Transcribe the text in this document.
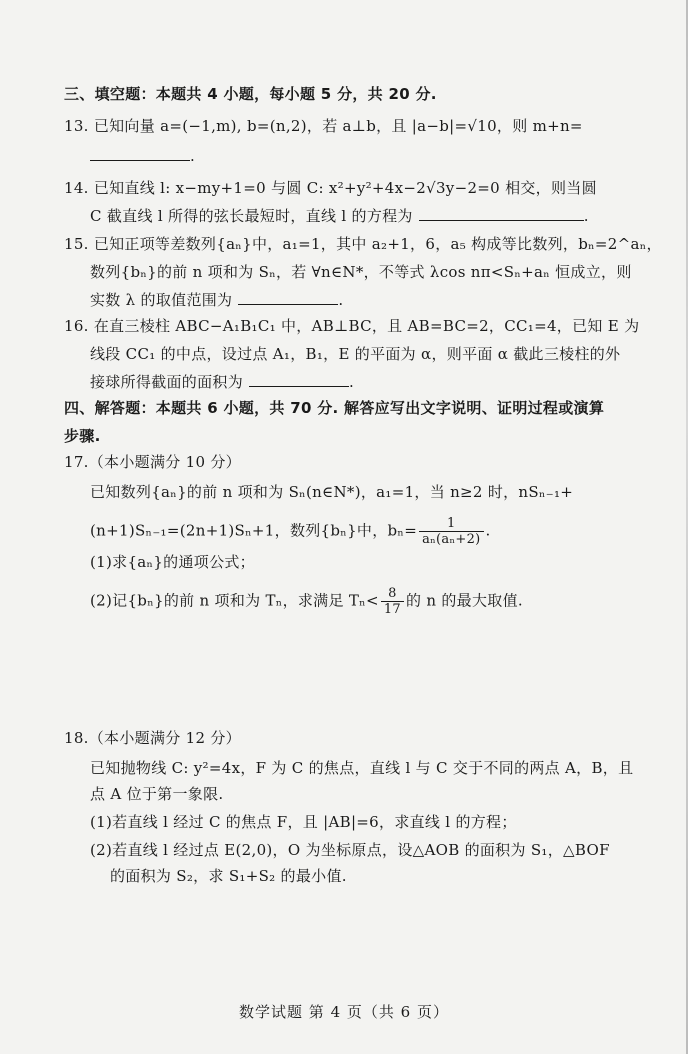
三、填空题：本题共 4 小题，每小题 5 分，共 20 分.
13. 已知向量 a=(−1,m), b=(n,2)，若 a⊥b，且 |a−b|=√10，则 m+n=
.
14. 已知直线 l: x−my+1=0 与圆 C: x²+y²+4x−2√3y−2=0 相交，则当圆
C 截直线 l 所得的弦长最短时，直线 l 的方程为	.
15. 已知正项等差数列{aₙ}中，a₁=1，其中 a₂+1，6，a₅ 构成等比数列，bₙ=2^aₙ，
数列{bₙ}的前 n 项和为 Sₙ，若 ∀n∈N*，不等式 λcos nπ<Sₙ+aₙ 恒成立，则
实数 λ 的取值范围为	.
16. 在直三棱柱 ABC−A₁B₁C₁ 中，AB⊥BC，且 AB=BC=2，CC₁=4，已知 E 为
线段 CC₁ 的中点，设过点 A₁，B₁，E 的平面为 α，则平面 α 截此三棱柱的外
接球所得截面的面积为	.
四、解答题：本题共 6 小题，共 70 分. 解答应写出文字说明、证明过程或演算
步骤.
17.（本小题满分 10 分）
已知数列{aₙ}的前 n 项和为 Sₙ(n∈N*)，a₁=1，当 n≥2 时，nSₙ₋₁+
(n+1)Sₙ₋₁=(2n+1)Sₙ+1，数列{bₙ}中，$b_n= \frac{1}{\text{aₙ(aₙ+2)}}$ .
(1)求{aₙ}的通项公式；
(2)记{bₙ}的前 n 项和为 Tₙ，求满足 $T_n< \frac{8}{17}$ 的 n 的最大取值.
18.（本小题满分 12 分）
已知抛物线 C: y²=4x，F 为 C 的焦点，直线 l 与 C 交于不同的两点 A，B，且
点 A 位于第一象限.
(1)若直线 l 经过 C 的焦点 F，且 |AB|=6，求直线 l 的方程；
(2)若直线 l 经过点 E(2,0)，O 为坐标原点，设△AOB 的面积为 S₁，△BOF
的面积为 S₂，求 S₁+S₂ 的最小值.
数学试题 第 4 页（共 6 页）
